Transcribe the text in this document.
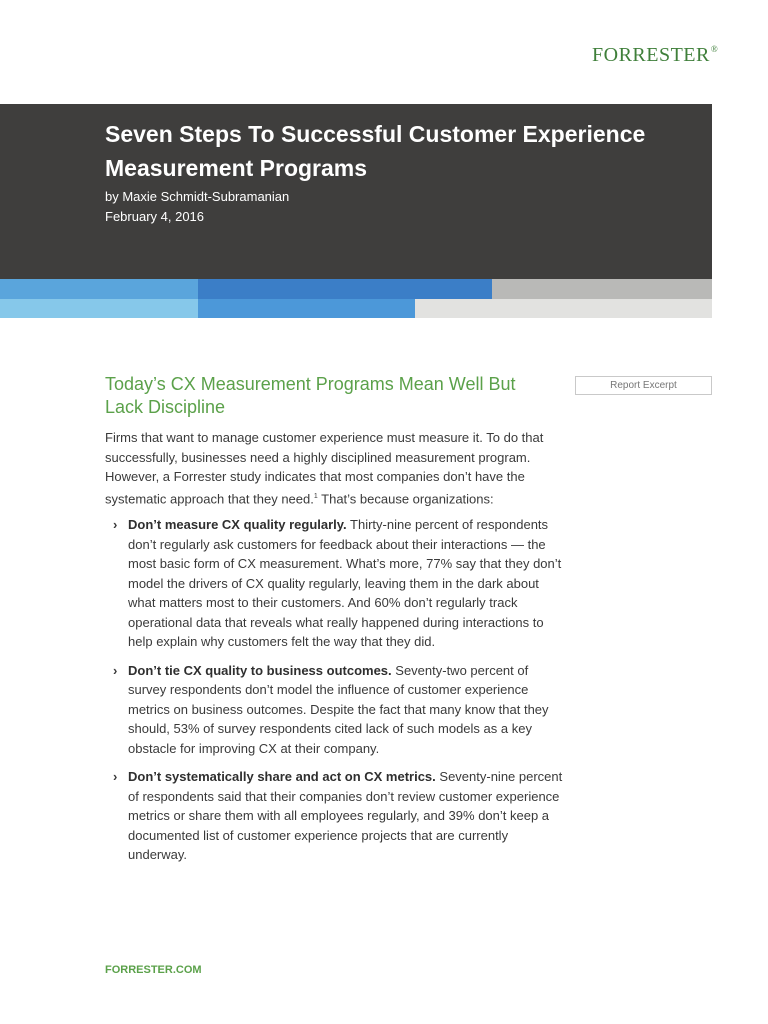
FORRESTER®
Seven Steps To Successful Customer Experience Measurement Programs
by Maxie Schmidt-Subramanian
February 4, 2016
Report Excerpt
Today’s CX Measurement Programs Mean Well But Lack Discipline

Firms that want to manage customer experience must measure it. To do that successfully, businesses need a highly disciplined measurement program. However, a Forrester study indicates that most companies don’t have the systematic approach that they need.$^1$ That’s because organizations:

› Don’t measure CX quality regularly. Thirty-nine percent of respondents don’t regularly ask customers for feedback about their interactions — the most basic form of CX measurement. What’s more, 77% say that they don’t model the drivers of CX quality regularly, leaving them in the dark about what matters most to their customers. And 60% don’t regularly track operational data that reveals what really happened during interactions to help explain why customers felt the way that they did.
› Don’t tie CX quality to business outcomes. Seventy-two percent of survey respondents don’t model the influence of customer experience metrics on business outcomes. Despite the fact that many know that they should, 53% of survey respondents cited lack of such models as a key obstacle for improving CX at their company.
› Don’t systematically share and act on CX metrics. Seventy-nine percent of respondents said that their companies don’t review customer experience metrics or share them with all employees regularly, and 39% don’t keep a documented list of customer experience projects that are currently underway.
FORRESTER.COM
